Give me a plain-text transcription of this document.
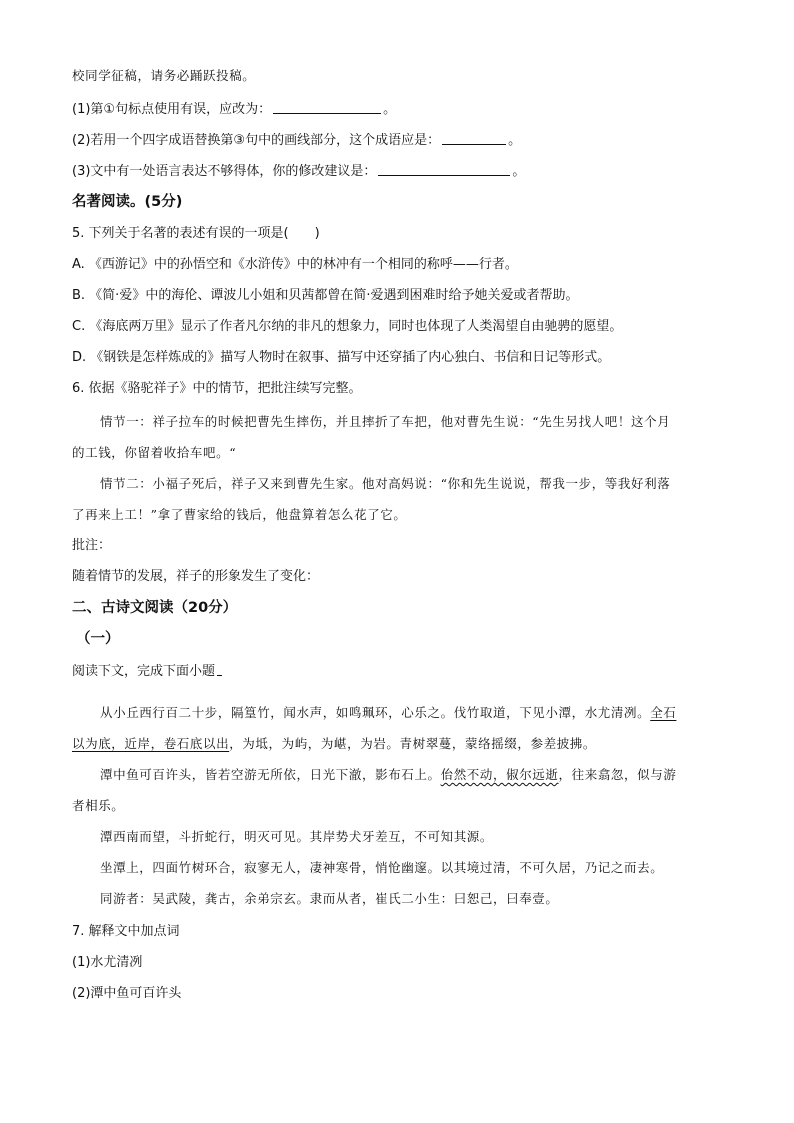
校同学征稿，请务必踊跃投稿。
(1)第①句标点使用有误，应改为：	。
(2)若用一个四字成语替换第③句中的画线部分，这个成语应是：	。
(3)文中有一处语言表达不够得体，你的修改建议是：	。
名著阅读。(5分)
5. 下列关于名著的表述有误的一项是(　　)
A. 《西游记》中的孙悟空和《水浒传》中的林冲有一个相同的称呼——行者。
B. 《简·爱》中的海伦、谭波儿小姐和贝茜都曾在简·爱遇到困难时给予她关爱或者帮助。
C. 《海底两万里》显示了作者凡尔纳的非凡的想象力，同时也体现了人类渴望自由驰骋的愿望。
D. 《钢铁是怎样炼成的》描写人物时在叙事、描写中还穿插了内心独白、书信和日记等形式。
6. 依据《骆驼祥子》中的情节，把批注续写完整。
情节一：祥子拉车的时候把曹先生摔伤，并且摔折了车把，他对曹先生说：“先生另找人吧！这个月
的工钱，你留着收拾车吧。“
情节二：小福子死后，祥子又来到曹先生家。他对高妈说：“你和先生说说，帮我一步，等我好利落
了再来上工！”拿了曹家给的钱后，他盘算着怎么花了它。
批注：
随着情节的发展，祥子的形象发生了变化：
二、古诗文阅读（20分）
（一）
阅读下文，完成下面小题
从小丘西行百二十步，隔篁竹，闻水声，如鸣珮环，心乐之。伐竹取道，下见小潭，水尤清冽。全石
以为底，近岸，卷石底以出，为坻，为屿，为嵁，为岩。青树翠蔓，蒙络摇缀，参差披拂。
潭中鱼可百许头，皆若空游无所依，日光下澈，影布石上。佁然不动，俶尔远逝，往来翕忽，似与游
者相乐。
潭西南而望，斗折蛇行，明灭可见。其岸势犬牙差互，不可知其源。
坐潭上，四面竹树环合，寂寥无人，凄神寒骨，悄怆幽邃。以其境过清，不可久居，乃记之而去。
同游者：吴武陵，龚古，余弟宗玄。隶而从者，崔氏二小生：曰恕己，曰奉壹。
7. 解释文中加点词
(1)水尤清冽
(2)潭中鱼可百许头
